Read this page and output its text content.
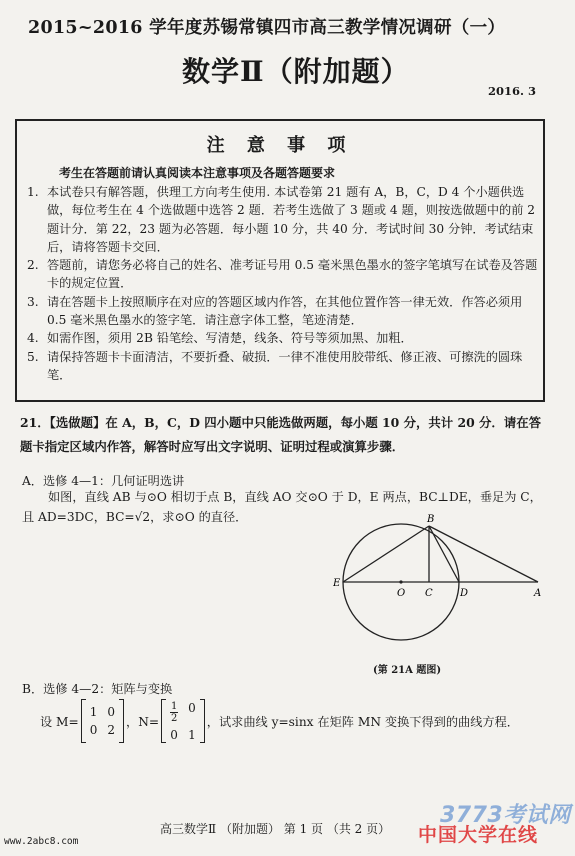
2015~2016 学年度苏锡常镇四市高三教学情况调研（一）
数学Ⅱ（附加题）
2016. 3
注 意 事 项
考生在答题前请认真阅读本注意事项及各题答题要求
1. 本试卷只有解答题，供理工方向考生使用. 本试卷第 21 题有 A，B，C，D 4 个小题供选做，每位考生在 4 个选做题中选答 2 题．若考生选做了 3 题或 4 题，则按选做题中的前 2 题计分．第 22，23 题为必答题．每小题 10 分，共 40 分．考试时间 30 分钟．考试结束后，请将答题卡交回．
2. 答题前，请您务必将自己的姓名、准考证号用 0.5 毫米黑色墨水的签字笔填写在试卷及答题卡的规定位置．
3. 请在答题卡上按照顺序在对应的答题区域内作答，在其他位置作答一律无效．作答必须用 0.5 毫米黑色墨水的签字笔．请注意字体工整，笔迹清楚．
4. 如需作图，须用 2B 铅笔绘、写清楚，线条、符号等须加黑、加粗．
5. 请保持答题卡卡面清洁，不要折叠、破损．一律不准使用胶带纸、修正液、可擦洗的圆珠笔．
21．【选做题】在 A，B，C，D 四小题中只能选做两题，每小题 10 分，共计 20 分．请在答题卡指定区域内作答，解答时应写出文字说明、证明过程或演算步骤．
A．选修 4—1：几何证明选讲
如图，直线 AB 与⊙O 相切于点 B，直线 AO 交⊙O 于 D，E 两点，BC⊥DE，垂足为 C，且 AD=3DC，BC=√2，求⊙O 的直径．	B
E
O C	D	A
(第 21A 题图)
B．选修 4—2：矩阵与变换
设 M=
1 0
0 2
，$N= \frac{1}{2} 0$
0 1
，试求曲线 y=sinx 在矩阵 MN 变换下得到的曲线方程．
高三数学Ⅱ （附加题） 第 1 页 （共 2 页）
www.2abc8.com
3773考试网
中国大学在线
